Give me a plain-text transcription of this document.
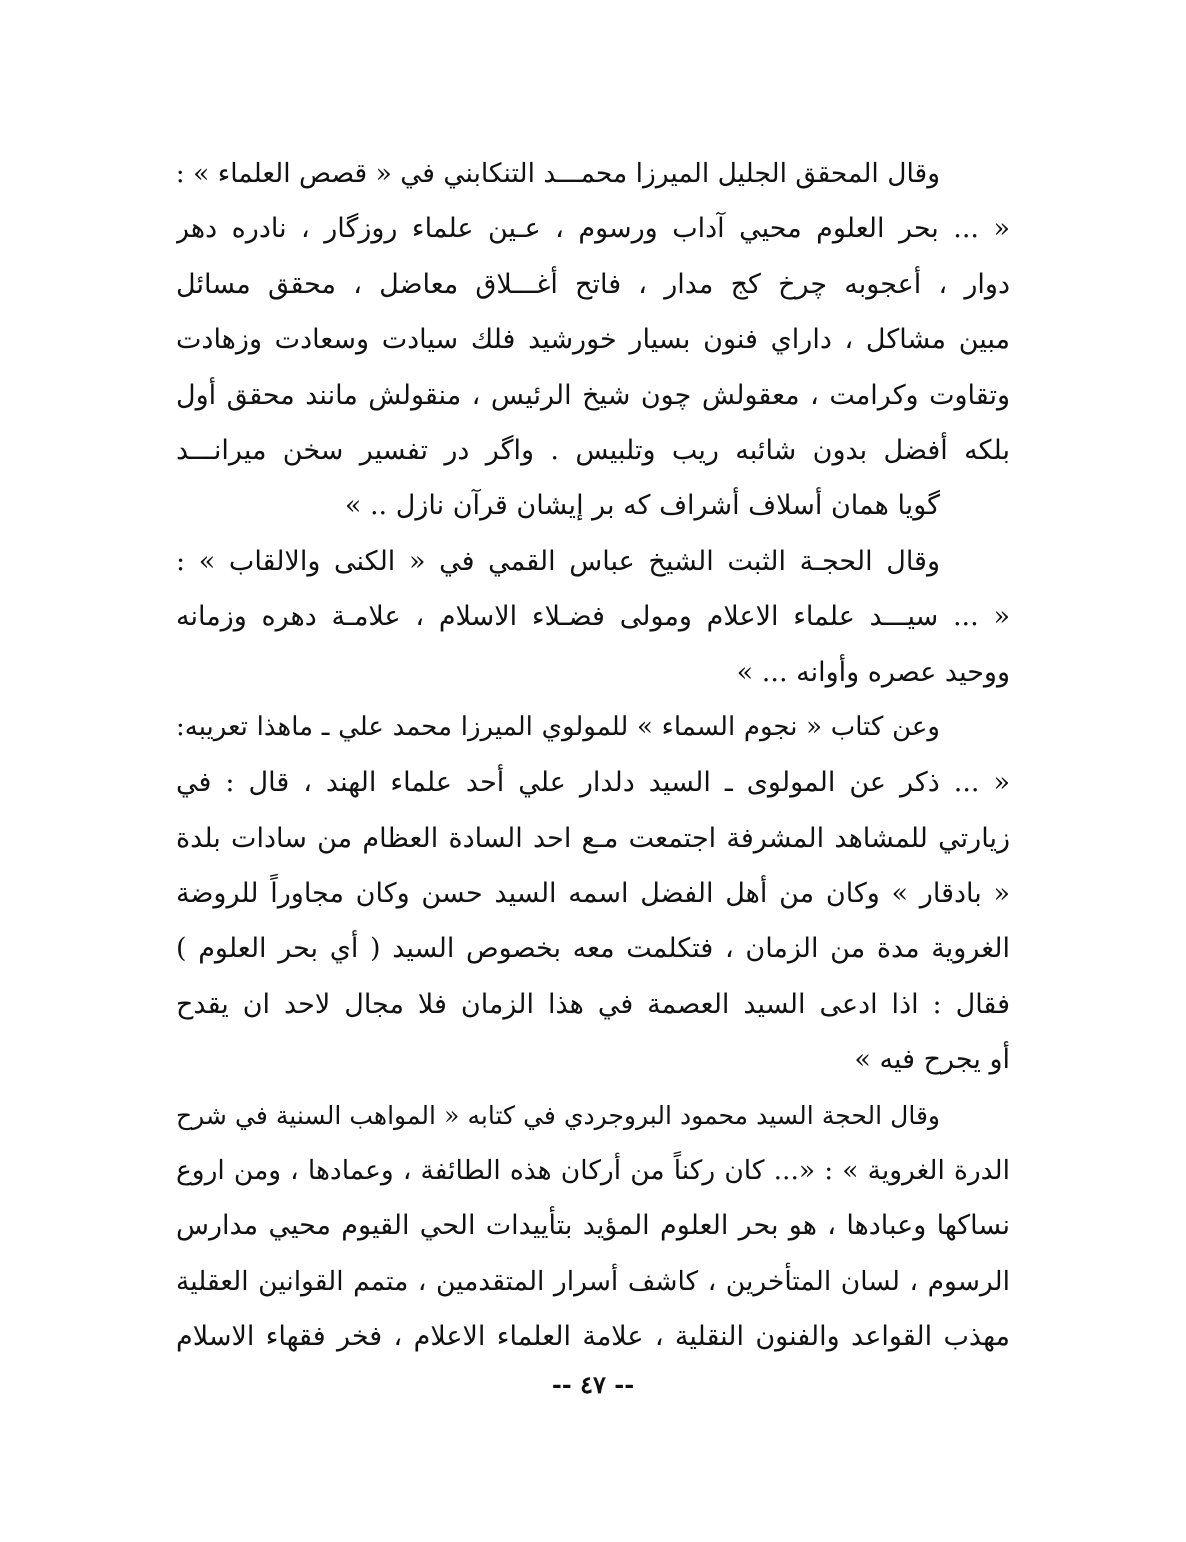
وقال المحقق الجليل الميرزا محمـــد التنكابني في « قصص العلماء » :
« ... بحر العلوم محيي آداب ورسوم ، عـين علماء روزگار ، نادره دهر
دوار ، أعجوبه چرخ كج مدار ، فاتح أغـــلاق معاضل ، محقق مسائل
مبين مشاكل ، داراي فنون بسيار خورشيد فلك سيادت وسعادت وزهادت
وتقاوت وكرامت ، معقولش چون شيخ الرئيس ، منقولش مانند محقق أول
بلكه أفضل بدون شائبه ريب وتلبيس . واگر در تفسير سخن ميرانـــد
گويا همان أسلاف أشراف كه بر إيشان قرآن نازل .. »
وقال الحجـة الثبت الشيخ عباس القمي في « الكنى والالقاب » :
« ... سيـــد علماء الاعلام ومولى فضـلاء الاسلام ، علامـة دهره وزمانه
ووحيد عصره وأوانه ... »
وعن كتاب « نجوم السماء » للمولوي الميرزا محمد علي ـ ماهذا تعريبه:
« ... ذكر عن المولوى ـ السيد دلدار علي أحد علماء الهند ، قال : في
زيارتي للمشاهد المشرفة اجتمعت مـع احد السادة العظام من سادات بلدة
« بادقار » وكان من أهل الفضل اسمه السيد حسن وكان مجاوراً للروضة
الغروية مدة من الزمان ، فتكلمت معه بخصوص السيد ( أي بحر العلوم )
فقال : اذا ادعى السيد العصمة في هذا الزمان فلا مجال لاحد ان يقدح
أو يجرح فيه »
وقال الحجة السيد محمود البروجردي في كتابه « المواهب السنية في شرح
الدرة الغروية » : «... كان ركناً من أركان هذه الطائفة ، وعمادها ، ومن اروع
نساكها وعبادها ، هو بحر العلوم المؤيد بتأييدات الحي القيوم محيي مدارس
الرسوم ، لسان المتأخرين ، كاشف أسرار المتقدمين ، متمم القوانين العقلية
مهذب القواعد والفنون النقلية ، علامة العلماء الاعلام ، فخر فقهاء الاسلام
-- ٤٧ --
